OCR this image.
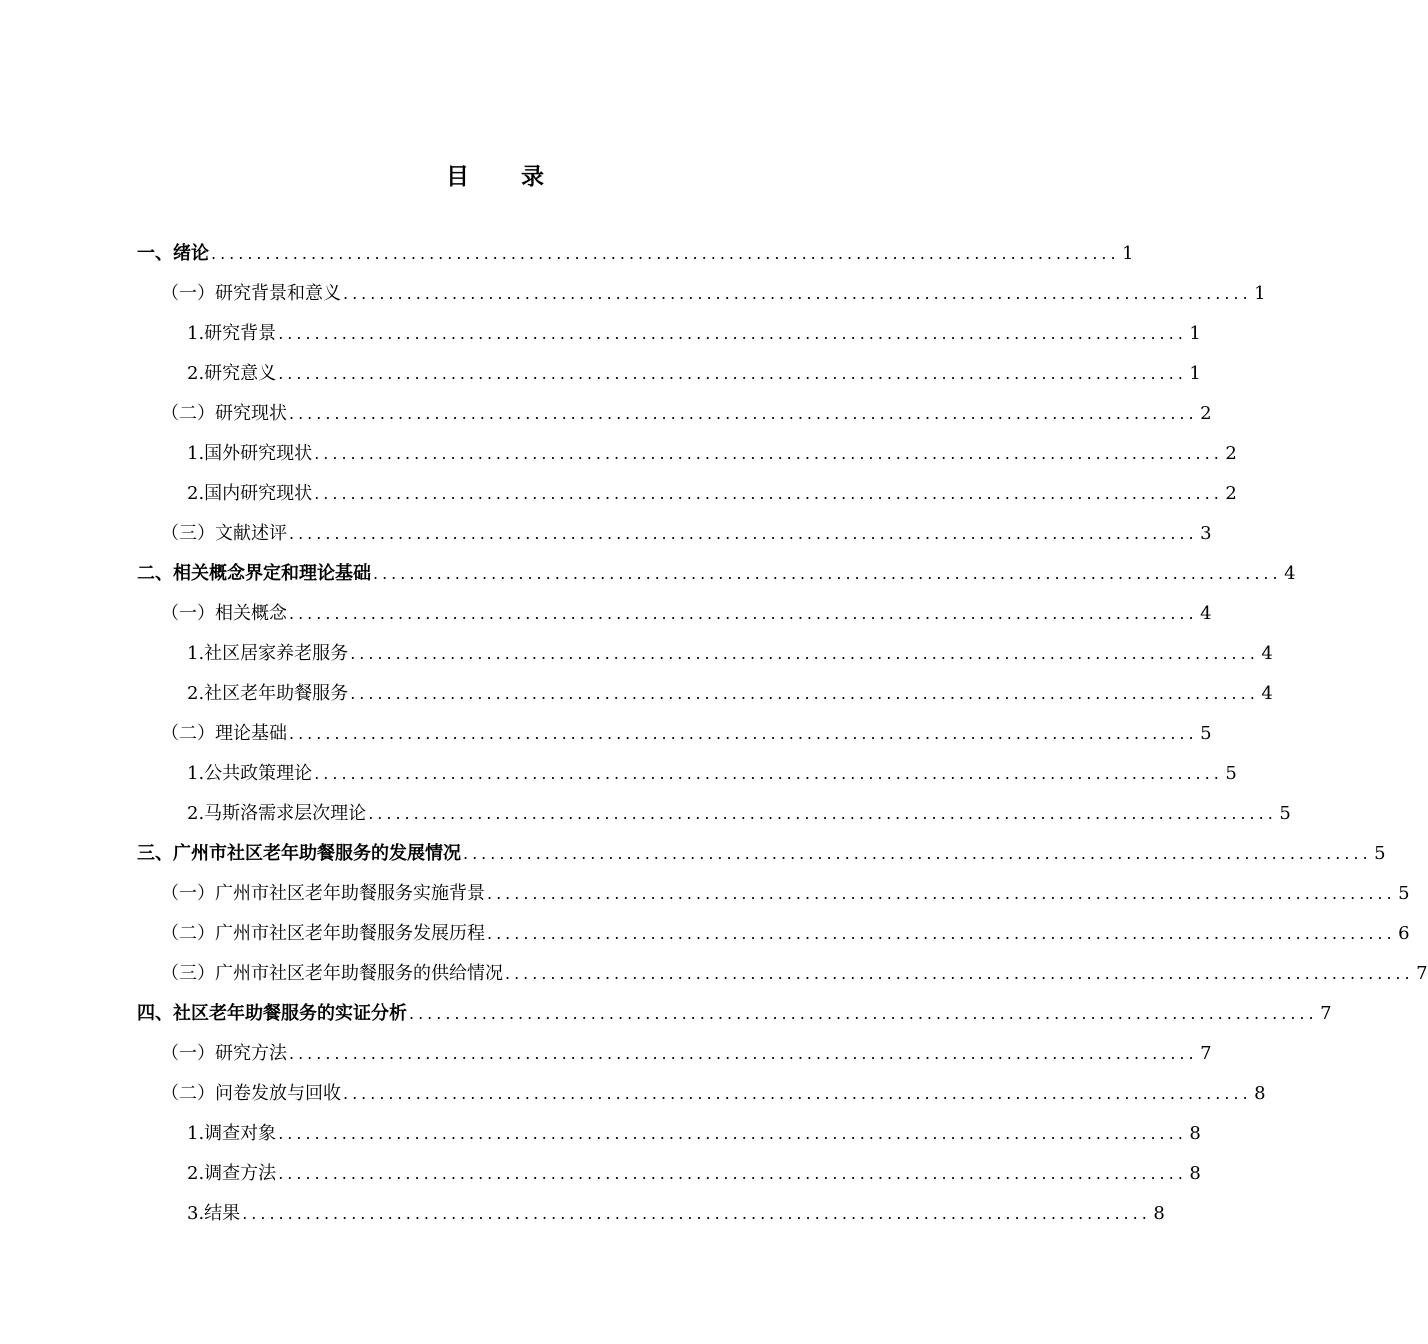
目 录
一、绪论 .................................................................................................... 1
（一）研究背景和意义 .................................................................................................... 1
1.研究背景 .................................................................................................... 1
2.研究意义 .................................................................................................... 1
（二）研究现状 .................................................................................................... 2
1.国外研究现状 .................................................................................................... 2
2.国内研究现状 .................................................................................................... 2
（三）文献述评 .................................................................................................... 3
二、相关概念界定和理论基础 .................................................................................................... 4
（一）相关概念 .................................................................................................... 4
1.社区居家养老服务 .................................................................................................... 4
2.社区老年助餐服务 .................................................................................................... 4
（二）理论基础 .................................................................................................... 5
1.公共政策理论 .................................................................................................... 5
2.马斯洛需求层次理论 .................................................................................................... 5
三、广州市社区老年助餐服务的发展情况 .................................................................................................... 5
（一）广州市社区老年助餐服务实施背景 .................................................................................................... 5
（二）广州市社区老年助餐服务发展历程 .................................................................................................... 6
（三）广州市社区老年助餐服务的供给情况 .................................................................................................... 7
四、社区老年助餐服务的实证分析 .................................................................................................... 7
（一）研究方法 .................................................................................................... 7
（二）问卷发放与回收 .................................................................................................... 8
1.调查对象 .................................................................................................... 8
2.调查方法 .................................................................................................... 8
3.结果 .................................................................................................... 8
